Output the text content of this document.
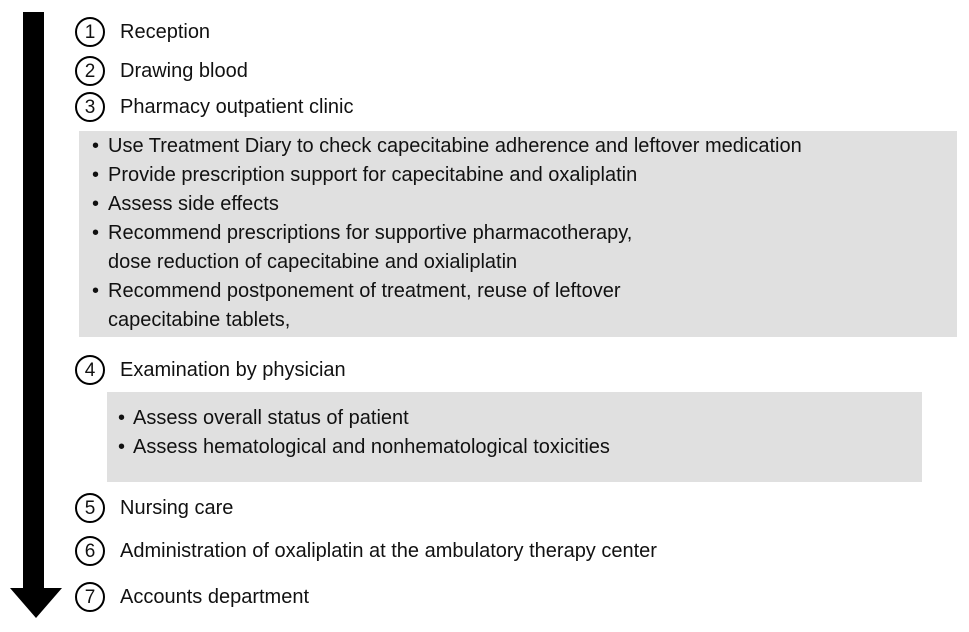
1 Reception
2 Drawing blood
3 Pharmacy outpatient clinic
• Use Treatment Diary to check capecitabine adherence and leftover medication
• Provide prescription support for capecitabine and oxaliplatin
• Assess side effects
• Recommend prescriptions for supportive pharmacotherapy,
dose reduction of capecitabine and oxialiplatin
• Recommend postponement of treatment, reuse of leftover
capecitabine tablets,
4 Examination by physician
• Assess overall status of patient
• Assess hematological and nonhematological toxicities
5 Nursing care
6 Administration of oxaliplatin at the ambulatory therapy center
7 Accounts department
